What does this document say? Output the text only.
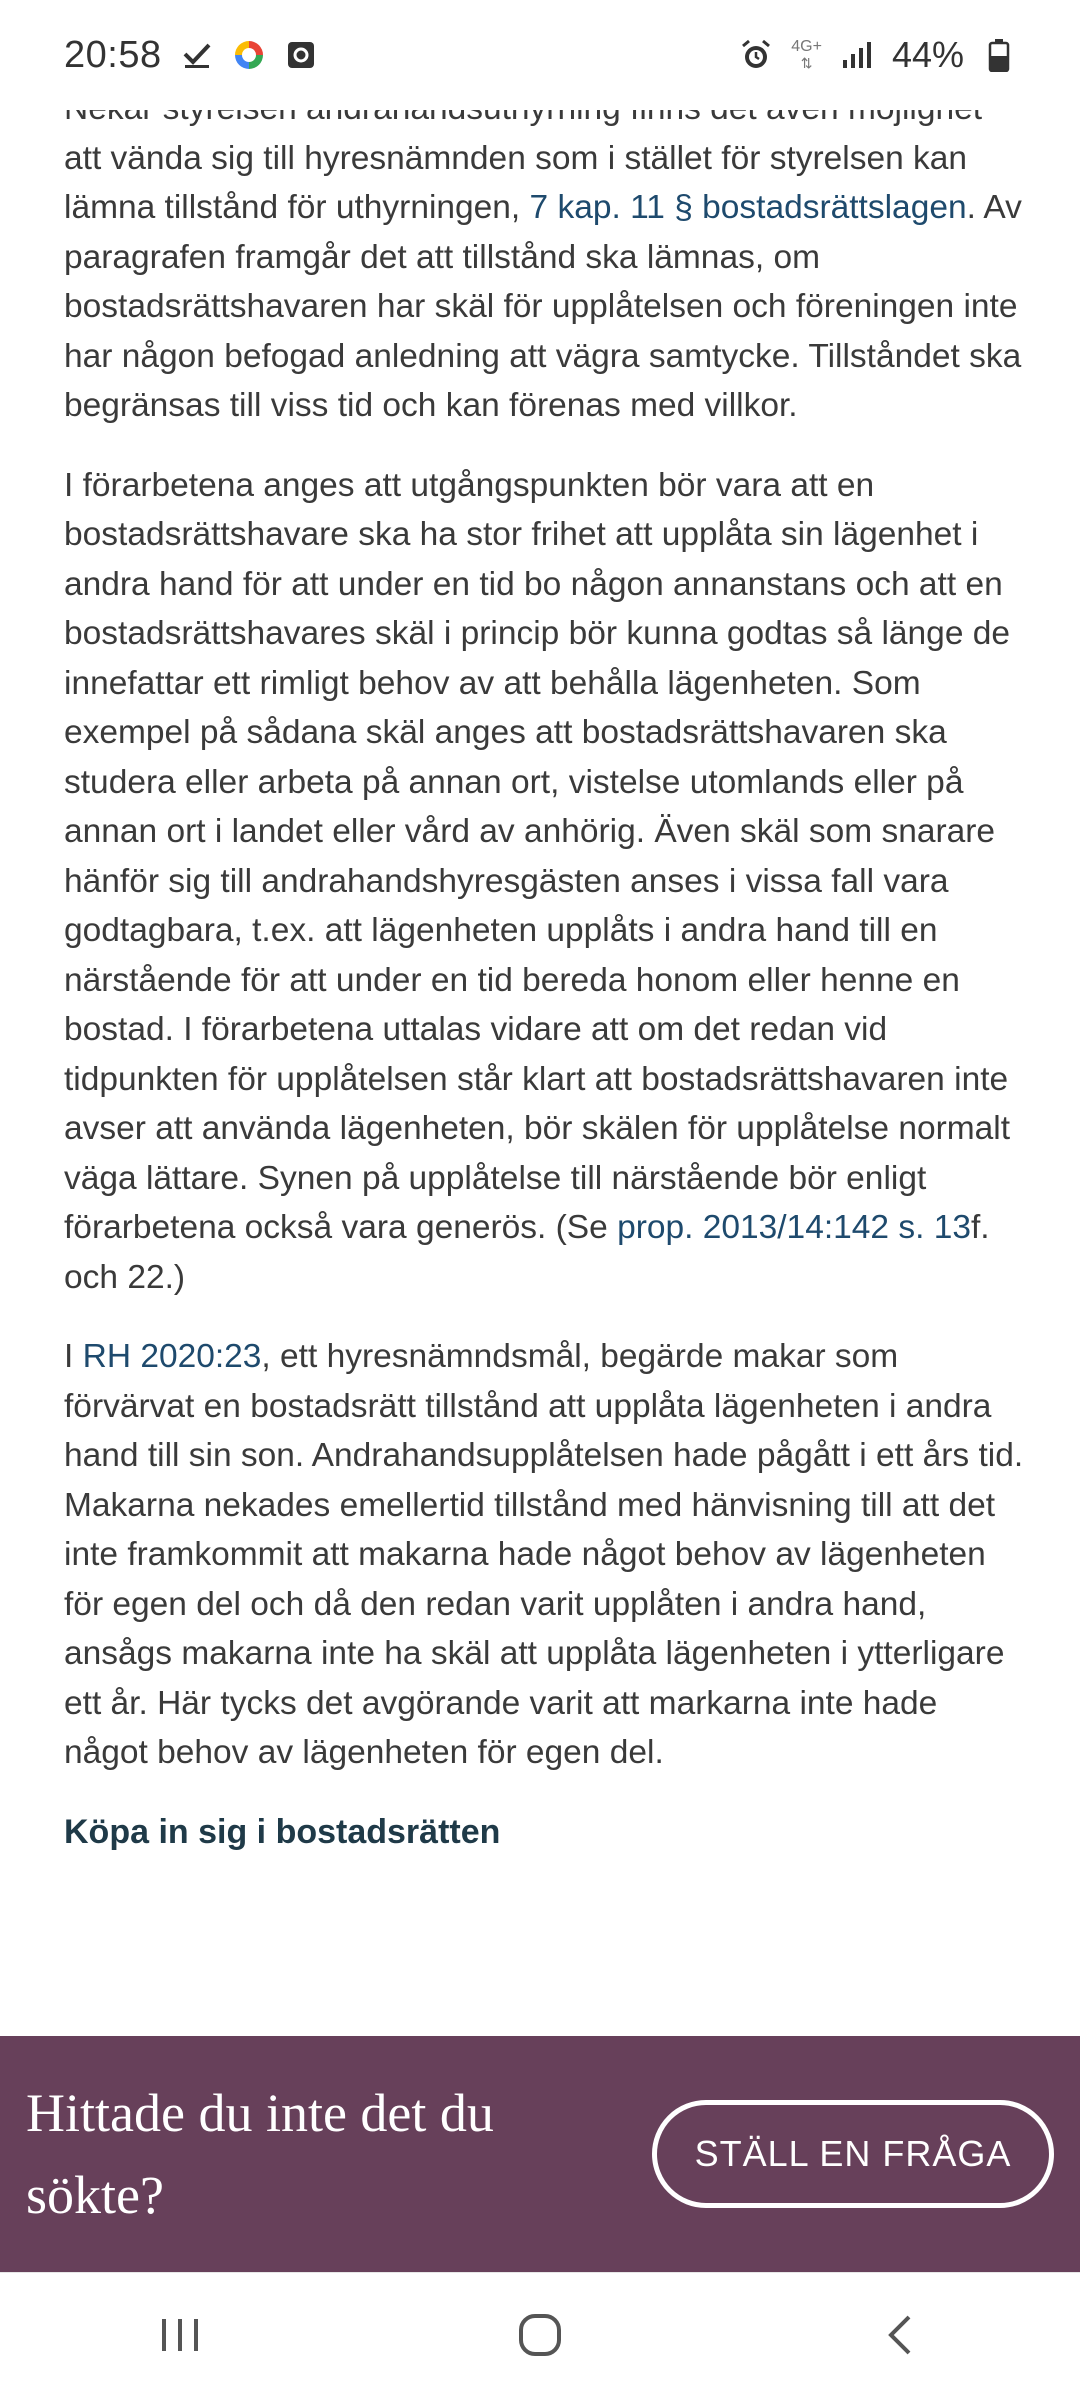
20:58	4G+
⇅ 44%

att vända sig till hyresnämnden som i stället för styrelsen kan lämna tillstånd för uthyrningen, 7 kap. 11 § bostadsrättslagen. Av paragrafen framgår det att tillstånd ska lämnas, om bostadsrättshavaren har skäl för upplåtelsen och föreningen inte har någon befogad anledning att vägra samtycke. Tillståndet ska begränsas till viss tid och kan förenas med villkor.

I förarbetena anges att utgångspunkten bör vara att en bostadsrättshavare ska ha stor frihet att upplåta sin lägenhet i andra hand för att under en tid bo någon annanstans och att en bostadsrättshavares skäl i princip bör kunna godtas så länge de innefattar ett rimligt behov av att behålla lägenheten. Som exempel på sådana skäl anges att bostadsrättshavaren ska studera eller arbeta på annan ort, vistelse utomlands eller på annan ort i landet eller vård av anhörig. Även skäl som snarare hänför sig till andrahandshyresgästen anses i vissa fall vara godtagbara, t.ex. att lägenheten upplåts i andra hand till en närstående för att under en tid bereda honom eller henne en bostad. I förarbetena uttalas vidare att om det redan vid tidpunkten för upplåtelsen står klart att bostadsrättshavaren inte avser att använda lägenheten, bör skälen för upplåtelse normalt väga lättare. Synen på upplåtelse till närstående bör enligt förarbetena också vara generös. (Se prop. 2013/14:142 s. 13f. och 22.)

I RH 2020:23, ett hyresnämndsmål, begärde makar som förvärvat en bostadsrätt tillstånd att upplåta lägenheten i andra hand till sin son. Andrahandsupplåtelsen hade pågått i ett års tid. Makarna nekades emellertid tillstånd med hänvisning till att det inte framkommit att makarna hade något behov av lägenheten för egen del och då den redan varit upplåten i andra hand, ansågs makarna inte ha skäl att upplåta lägenheten i ytterligare ett år. Här tycks det avgörande varit att markarna inte hade något behov av lägenheten för egen del.

Köpa in sig i bostadsrätten
Hittade du inte det du sökte?
STÄLL EN FRÅGA
